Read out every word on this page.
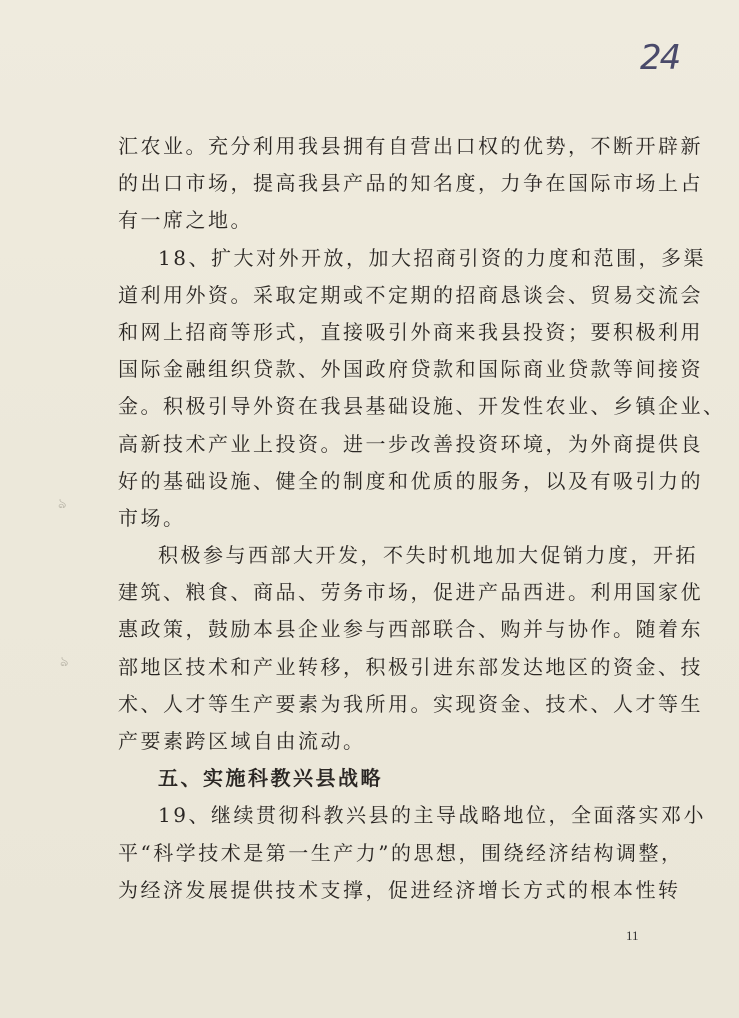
24
ঌ
ঌ
汇农业。充分利用我县拥有自营出口权的优势，不断开辟新
的出口市场，提高我县产品的知名度，力争在国际市场上占
有一席之地。
18、扩大对外开放，加大招商引资的力度和范围，多渠
道利用外资。采取定期或不定期的招商恳谈会、贸易交流会
和网上招商等形式，直接吸引外商来我县投资；要积极利用
国际金融组织贷款、外国政府贷款和国际商业贷款等间接资
金。积极引导外资在我县基础设施、开发性农业、乡镇企业、
高新技术产业上投资。进一步改善投资环境，为外商提供良
好的基础设施、健全的制度和优质的服务，以及有吸引力的
市场。
积极参与西部大开发，不失时机地加大促销力度，开拓
建筑、粮食、商品、劳务市场，促进产品西进。利用国家优
惠政策，鼓励本县企业参与西部联合、购并与协作。随着东
部地区技术和产业转移，积极引进东部发达地区的资金、技
术、人才等生产要素为我所用。实现资金、技术、人才等生
产要素跨区域自由流动。
五、实施科教兴县战略
19、继续贯彻科教兴县的主导战略地位，全面落实邓小
平“科学技术是第一生产力”的思想，围绕经济结构调整，
为经济发展提供技术支撑，促进经济增长方式的根本性转
11
